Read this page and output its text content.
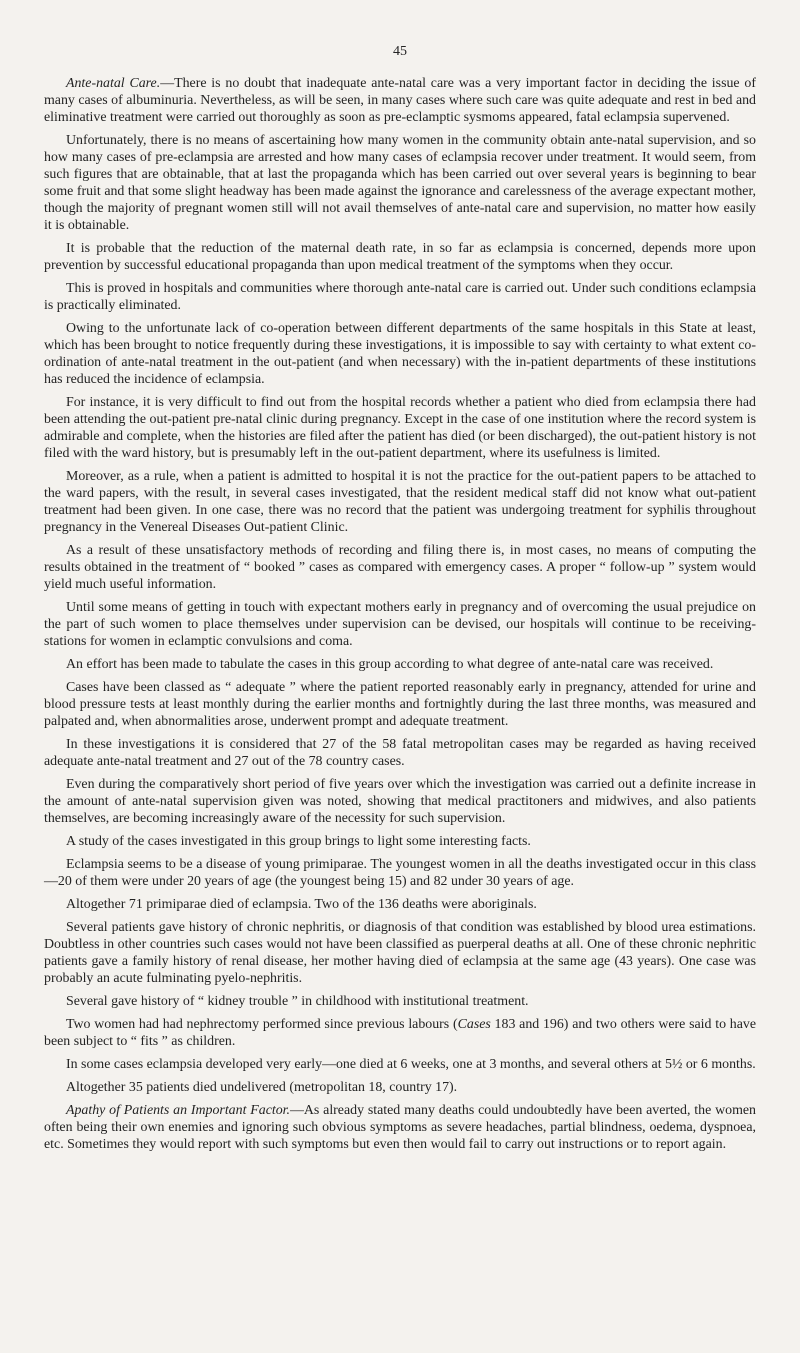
45

Ante-natal Care.—There is no doubt that inadequate ante-natal care was a very important factor in deciding the issue of many cases of albuminuria. Nevertheless, as will be seen, in many cases where such care was quite adequate and rest in bed and eliminative treatment were carried out thoroughly as soon as pre-eclamptic sysmoms appeared, fatal eclampsia supervened.

Unfortunately, there is no means of ascertaining how many women in the community obtain ante-natal supervision, and so how many cases of pre-eclampsia are arrested and how many cases of eclampsia recover under treatment. It would seem, from such figures that are obtainable, that at last the propaganda which has been carried out over several years is beginning to bear some fruit and that some slight headway has been made against the ignorance and carelessness of the average expectant mother, though the majority of pregnant women still will not avail themselves of ante-natal care and supervision, no matter how easily it is obtainable.

It is probable that the reduction of the maternal death rate, in so far as eclampsia is concerned, depends more upon prevention by successful educational propaganda than upon medical treatment of the symptoms when they occur.

This is proved in hospitals and communities where thorough ante-natal care is carried out. Under such conditions eclampsia is practically eliminated.

Owing to the unfortunate lack of co-operation between different departments of the same hospitals in this State at least, which has been brought to notice frequently during these investigations, it is impossible to say with certainty to what extent co-ordination of ante-natal treatment in the out-patient (and when necessary) with the in-patient departments of these institutions has reduced the incidence of eclampsia.

For instance, it is very difficult to find out from the hospital records whether a patient who died from eclampsia there had been attending the out-patient pre-natal clinic during pregnancy. Except in the case of one institution where the record system is admirable and complete, when the histories are filed after the patient has died (or been discharged), the out-patient history is not filed with the ward history, but is presumably left in the out-patient department, where its usefulness is limited.

Moreover, as a rule, when a patient is admitted to hospital it is not the practice for the out-patient papers to be attached to the ward papers, with the result, in several cases investigated, that the resident medical staff did not know what out-patient treatment had been given. In one case, there was no record that the patient was undergoing treatment for syphilis throughout pregnancy in the Venereal Diseases Out-patient Clinic.

As a result of these unsatisfactory methods of recording and filing there is, in most cases, no means of computing the results obtained in the treatment of “ booked ” cases as compared with emergency cases. A proper “ follow-up ” system would yield much useful information.

Until some means of getting in touch with expectant mothers early in pregnancy and of overcoming the usual prejudice on the part of such women to place themselves under supervision can be devised, our hospitals will continue to be receiving-stations for women in eclamptic convulsions and coma.

An effort has been made to tabulate the cases in this group according to what degree of ante-natal care was received.

Cases have been classed as “ adequate ” where the patient reported reasonably early in pregnancy, attended for urine and blood pressure tests at least monthly during the earlier months and fortnightly during the last three months, was measured and palpated and, when abnormalities arose, underwent prompt and adequate treatment.

In these investigations it is considered that 27 of the 58 fatal metropolitan cases may be regarded as having received adequate ante-natal treatment and 27 out of the 78 country cases.

Even during the comparatively short period of five years over which the investigation was carried out a definite increase in the amount of ante-natal supervision given was noted, showing that medical practitoners and midwives, and also patients themselves, are becoming increasingly aware of the necessity for such supervision.

A study of the cases investigated in this group brings to light some interesting facts.

Eclampsia seems to be a disease of young primiparae. The youngest women in all the deaths investigated occur in this class—20 of them were under 20 years of age (the youngest being 15) and 82 under 30 years of age.

Altogether 71 primiparae died of eclampsia. Two of the 136 deaths were aboriginals.

Several patients gave history of chronic nephritis, or diagnosis of that condition was established by blood urea estimations. Doubtless in other countries such cases would not have been classified as puerperal deaths at all. One of these chronic nephritic patients gave a family history of renal disease, her mother having died of eclampsia at the same age (43 years). One case was probably an acute fulminating pyelo-nephritis.

Several gave history of “ kidney trouble ” in childhood with institutional treatment.

Two women had had nephrectomy performed since previous labours (Cases 183 and 196) and two others were said to have been subject to “ fits ” as children.

In some cases eclampsia developed very early—one died at 6 weeks, one at 3 months, and several others at 5½ or 6 months.

Altogether 35 patients died undelivered (metropolitan 18, country 17).

Apathy of Patients an Important Factor.—As already stated many deaths could undoubtedly have been averted, the women often being their own enemies and ignoring such obvious symptoms as severe headaches, partial blindness, oedema, dyspnoea, etc. Sometimes they would report with such symptoms but even then would fail to carry out instructions or to report again.
